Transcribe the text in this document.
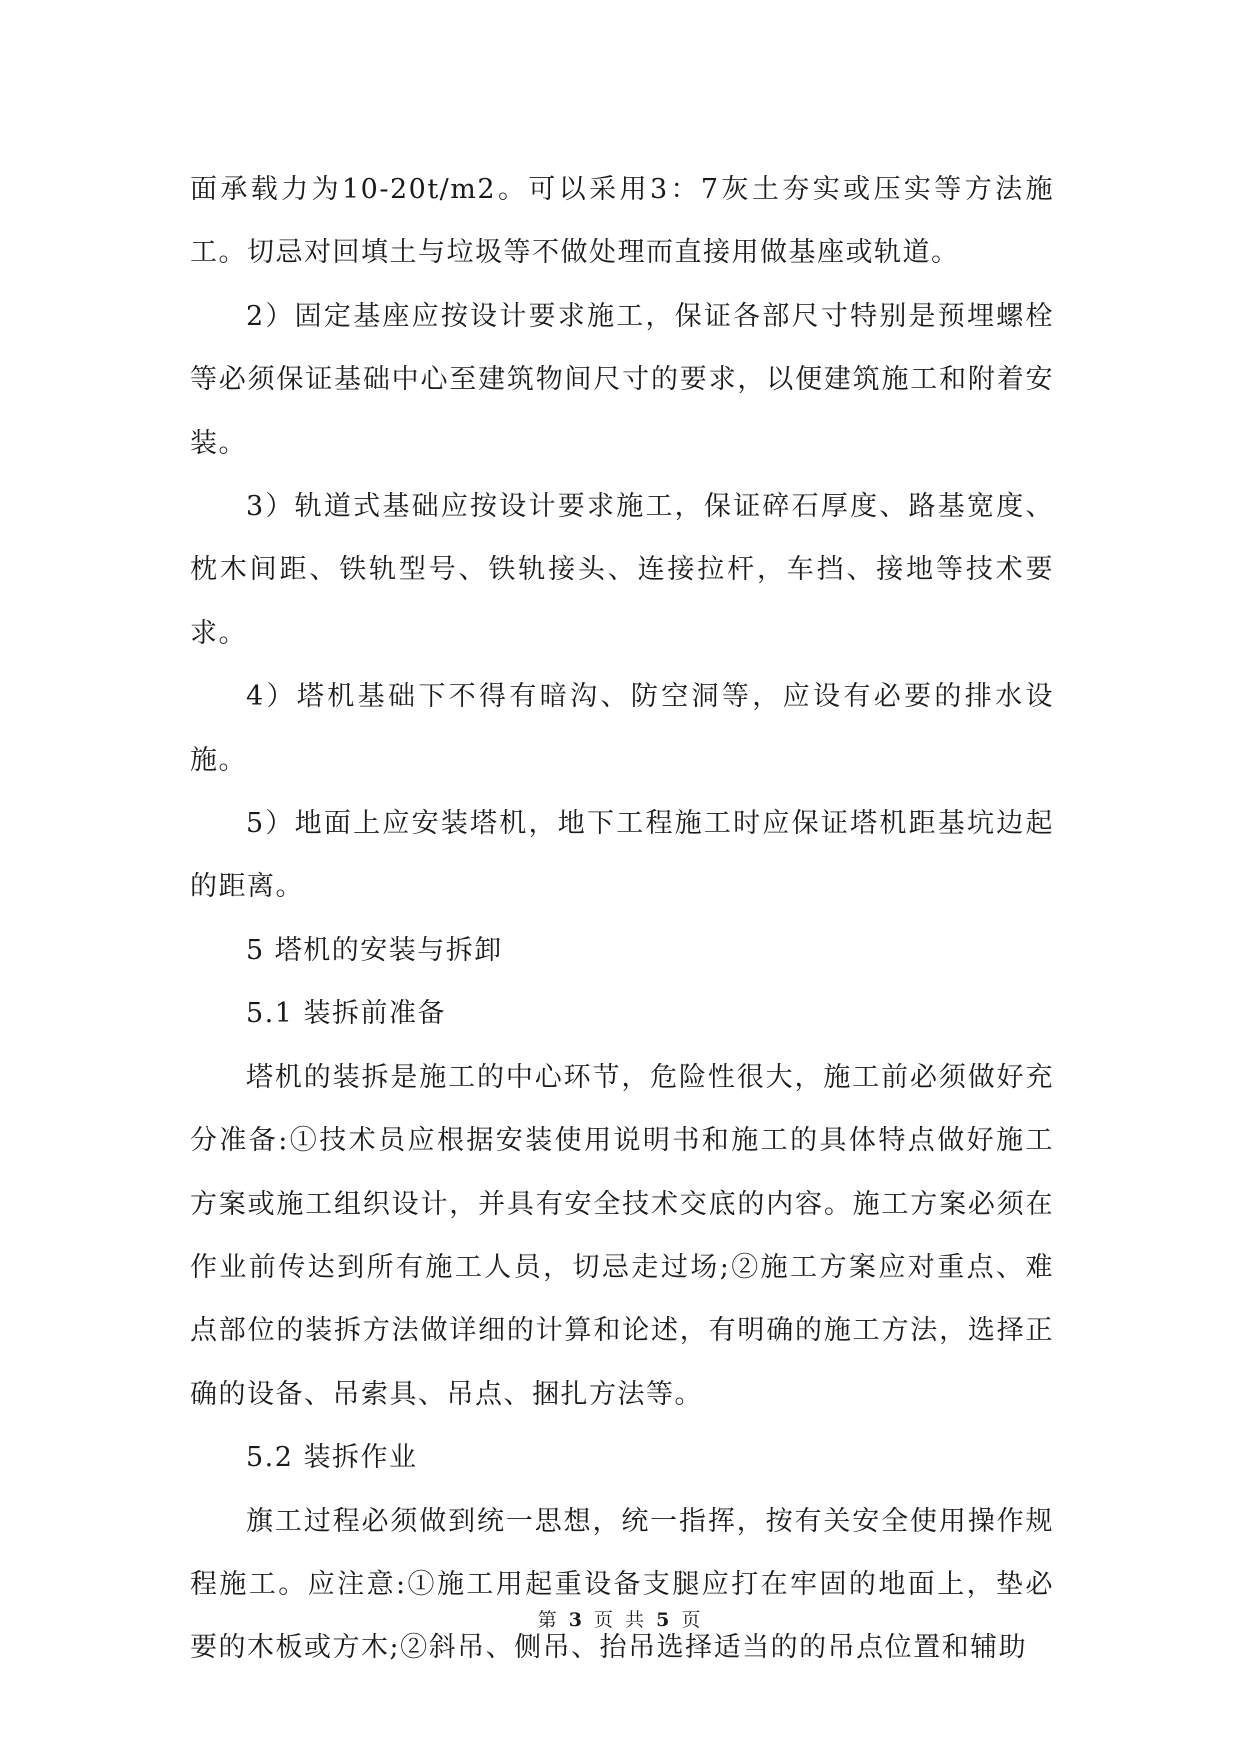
面承载力为10-20t/m2。可以采用3：7灰土夯实或压实等方法施工。切忌对回填土与垃圾等不做处理而直接用做基座或轨道。

2）固定基座应按设计要求施工，保证各部尺寸特别是预埋螺栓等必须保证基础中心至建筑物间尺寸的要求，以便建筑施工和附着安装。

3）轨道式基础应按设计要求施工，保证碎石厚度、路基宽度、枕木间距、铁轨型号、铁轨接头、连接拉杆，车挡、接地等技术要求。

4）塔机基础下不得有暗沟、防空洞等，应设有必要的排水设施。

5）地面上应安装塔机，地下工程施工时应保证塔机距基坑边起的距离。

5 塔机的安装与拆卸

5.1 装拆前准备

塔机的装拆是施工的中心环节，危险性很大，施工前必须做好充分准备:①技术员应根据安装使用说明书和施工的具体特点做好施工方案或施工组织设计，并具有安全技术交底的内容。施工方案必须在作业前传达到所有施工人员，切忌走过场;②施工方案应对重点、难点部位的装拆方法做详细的计算和论述，有明确的施工方法，选择正确的设备、吊索具、吊点、捆扎方法等。

5.2 装拆作业

旗工过程必须做到统一思想，统一指挥，按有关安全使用操作规程施工。应注意:①施工用起重设备支腿应打在牢固的地面上，垫必要的木板或方木;②斜吊、侧吊、抬吊选择适当的的吊点位置和辅助

第 3 页 共 5 页
